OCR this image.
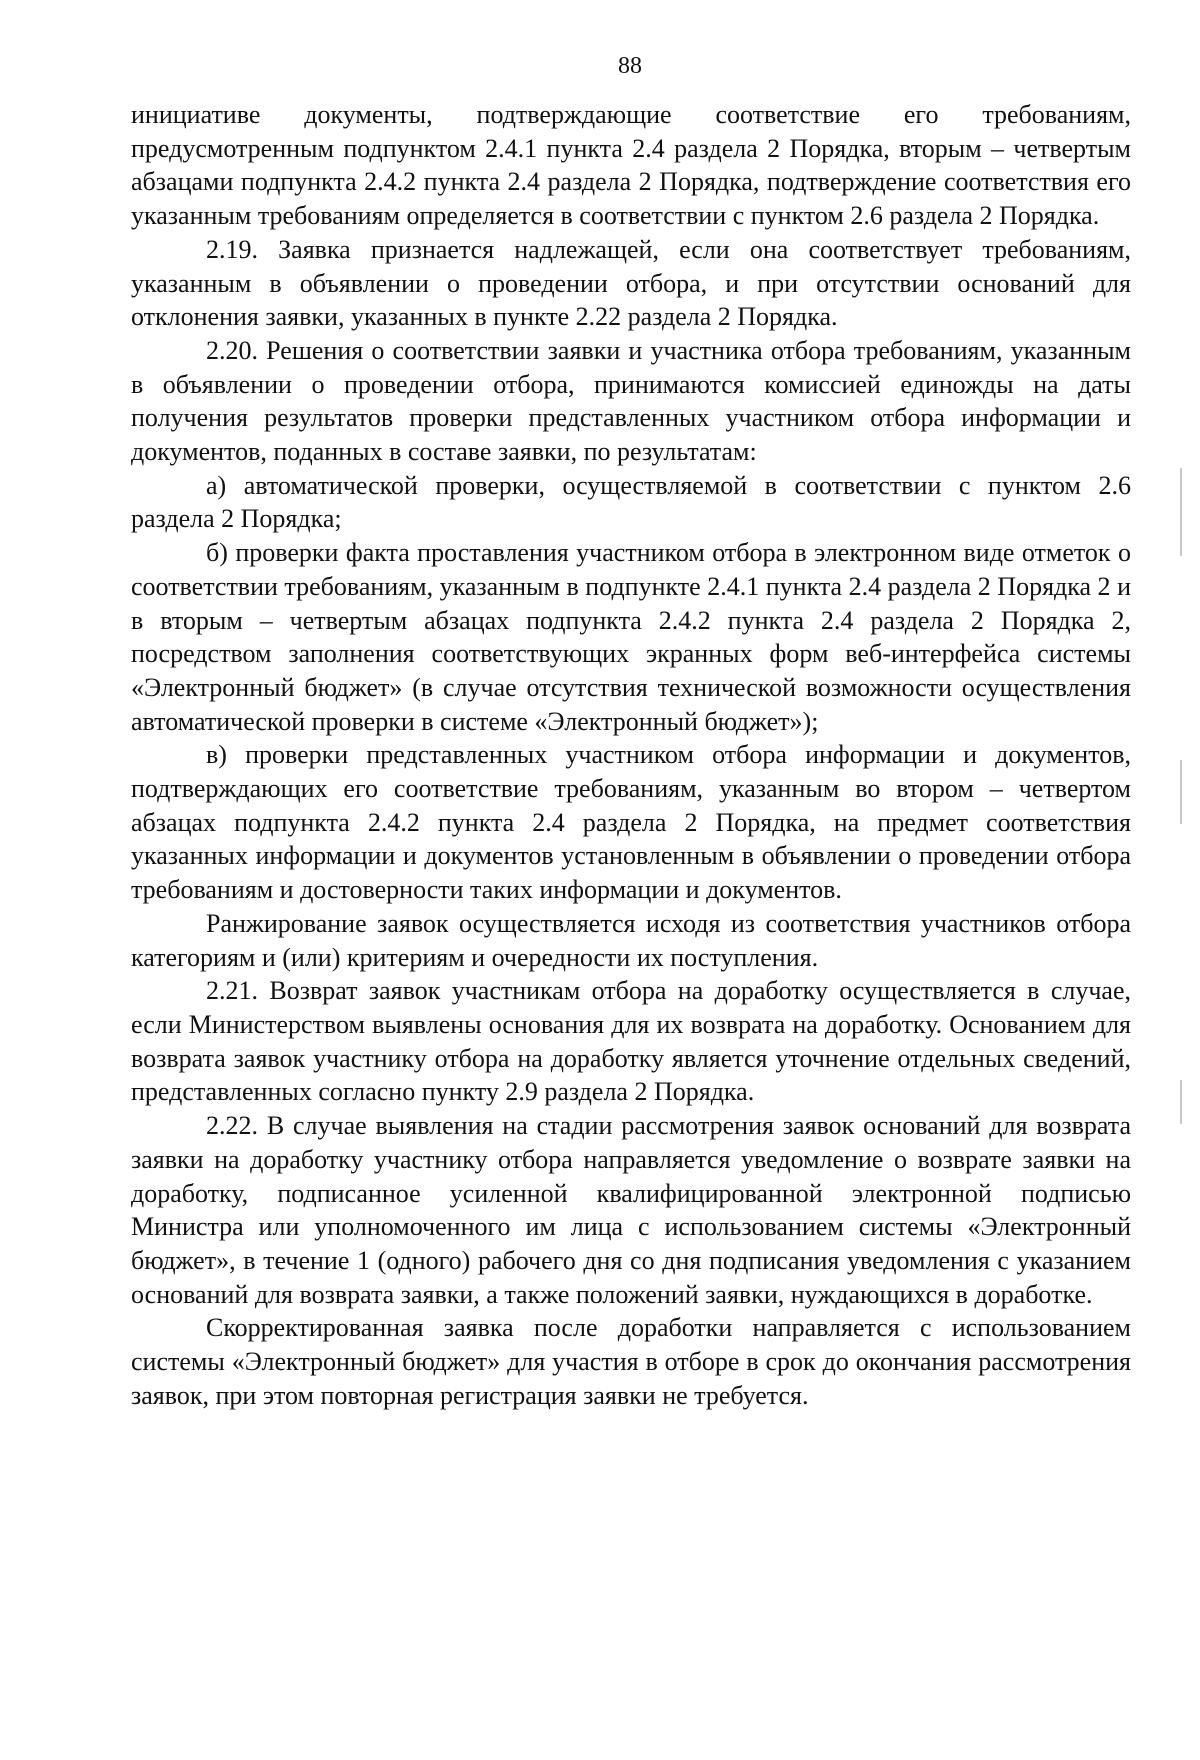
88

инициативе документы, подтверждающие соответствие его требованиям, предусмотренным подпунктом 2.4.1 пункта 2.4 раздела 2 Порядка, вторым – четвертым абзацами подпункта 2.4.2 пункта 2.4 раздела 2 Порядка, подтверждение соответствия его указанным требованиям определяется в соответствии с пунктом 2.6 раздела 2 Порядка.

2.19. Заявка признается надлежащей, если она соответствует требованиям, указанным в объявлении о проведении отбора, и при отсутствии оснований для отклонения заявки, указанных в пункте 2.22 раздела 2 Порядка.

2.20. Решения о соответствии заявки и участника отбора требованиям, указанным в объявлении о проведении отбора, принимаются комиссией единожды на даты получения результатов проверки представленных участником отбора информации и документов, поданных в составе заявки, по результатам:

а) автоматической проверки, осуществляемой в соответствии с пунктом 2.6 раздела 2 Порядка;

б) проверки факта проставления участником отбора в электронном виде отметок о соответствии требованиям, указанным в подпункте 2.4.1 пункта 2.4 раздела 2 Порядка 2 и в вторым – четвертым абзацах подпункта 2.4.2 пункта 2.4 раздела 2 Порядка 2, посредством заполнения соответствующих экранных форм веб-интерфейса системы «Электронный бюджет» (в случае отсутствия технической возможности осуществления автоматической проверки в системе «Электронный бюджет»);

в) проверки представленных участником отбора информации и документов, подтверждающих его соответствие требованиям, указанным во втором – четвертом абзацах подпункта 2.4.2 пункта 2.4 раздела 2 Порядка, на предмет соответствия указанных информации и документов установленным в объявлении о проведении отбора требованиям и достоверности таких информации и документов.

Ранжирование заявок осуществляется исходя из соответствия участников отбора категориям и (или) критериям и очередности их поступления.

2.21. Возврат заявок участникам отбора на доработку осуществляется в случае, если Министерством выявлены основания для их возврата на доработку. Основанием для возврата заявок участнику отбора на доработку является уточнение отдельных сведений, представленных согласно пункту 2.9 раздела 2 Порядка.

2.22. В случае выявления на стадии рассмотрения заявок оснований для возврата заявки на доработку участнику отбора направляется уведомление о возврате заявки на доработку, подписанное усиленной квалифицированной электронной подписью Министра или уполномоченного им лица с использованием системы «Электронный бюджет», в течение 1 (одного) рабочего дня со дня подписания уведомления с указанием оснований для возврата заявки, а также положений заявки, нуждающихся в доработке.

Скорректированная заявка после доработки направляется с использованием системы «Электронный бюджет» для участия в отборе в срок до окончания рассмотрения заявок, при этом повторная регистрация заявки не требуется.
